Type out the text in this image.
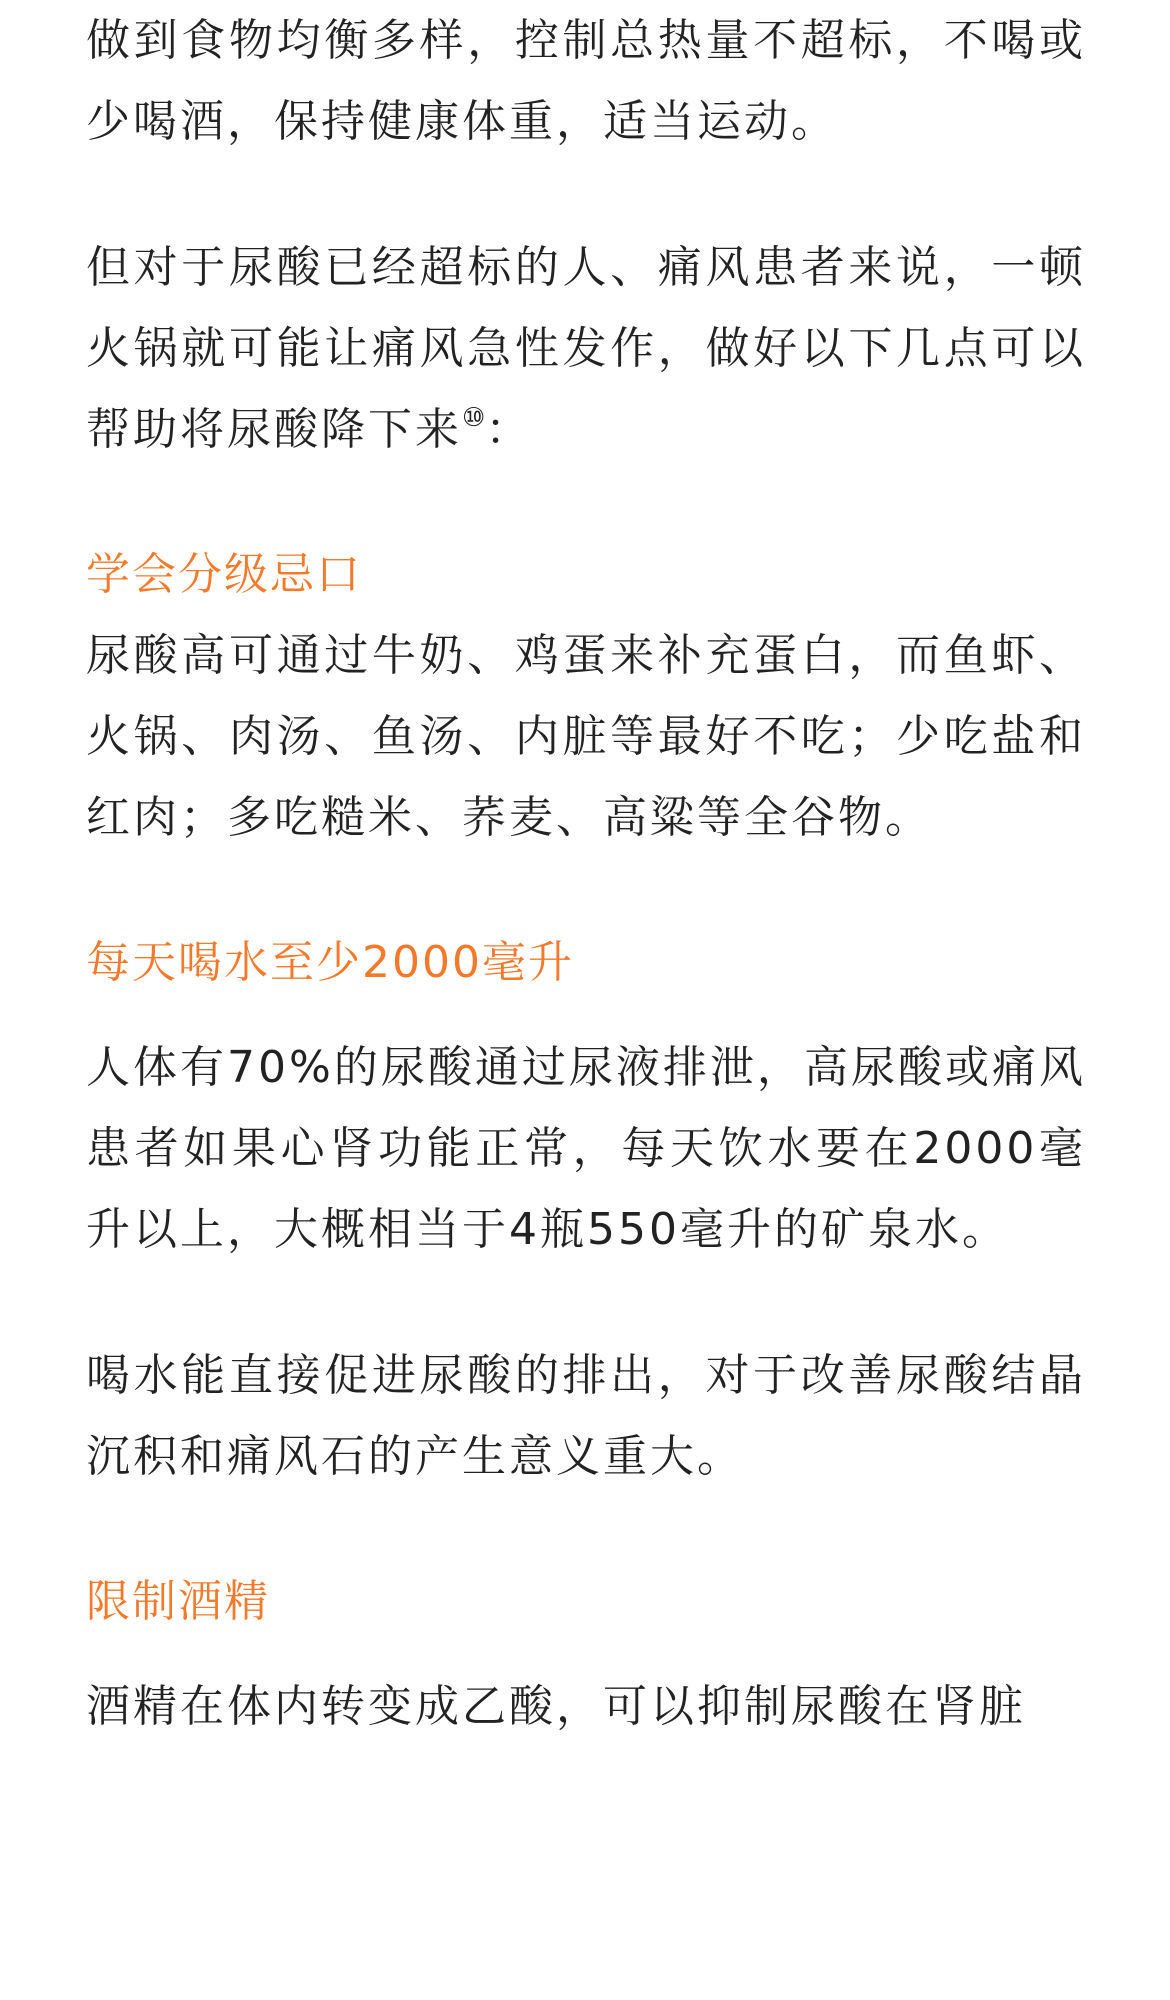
做到食物均衡多样，控制总热量不超标，不喝或少喝酒，保持健康体重，适当运动。

但对于尿酸已经超标的人、痛风患者来说，一顿火锅就可能让痛风急性发作，做好以下几点可以帮助将尿酸降下来⑩：

学会分级忌口

尿酸高可通过牛奶、鸡蛋来补充蛋白，而鱼虾、火锅、肉汤、鱼汤、内脏等最好不吃；少吃盐和红肉；多吃糙米、荞麦、高粱等全谷物。

每天喝水至少2000毫升

人体有70%的尿酸通过尿液排泄，高尿酸或痛风患者如果心肾功能正常，每天饮水要在2000毫升以上，大概相当于4瓶550毫升的矿泉水。

喝水能直接促进尿酸的排出，对于改善尿酸结晶沉积和痛风石的产生意义重大。

限制酒精

酒精在体内转变成乙酸，可以抑制尿酸在肾脏
